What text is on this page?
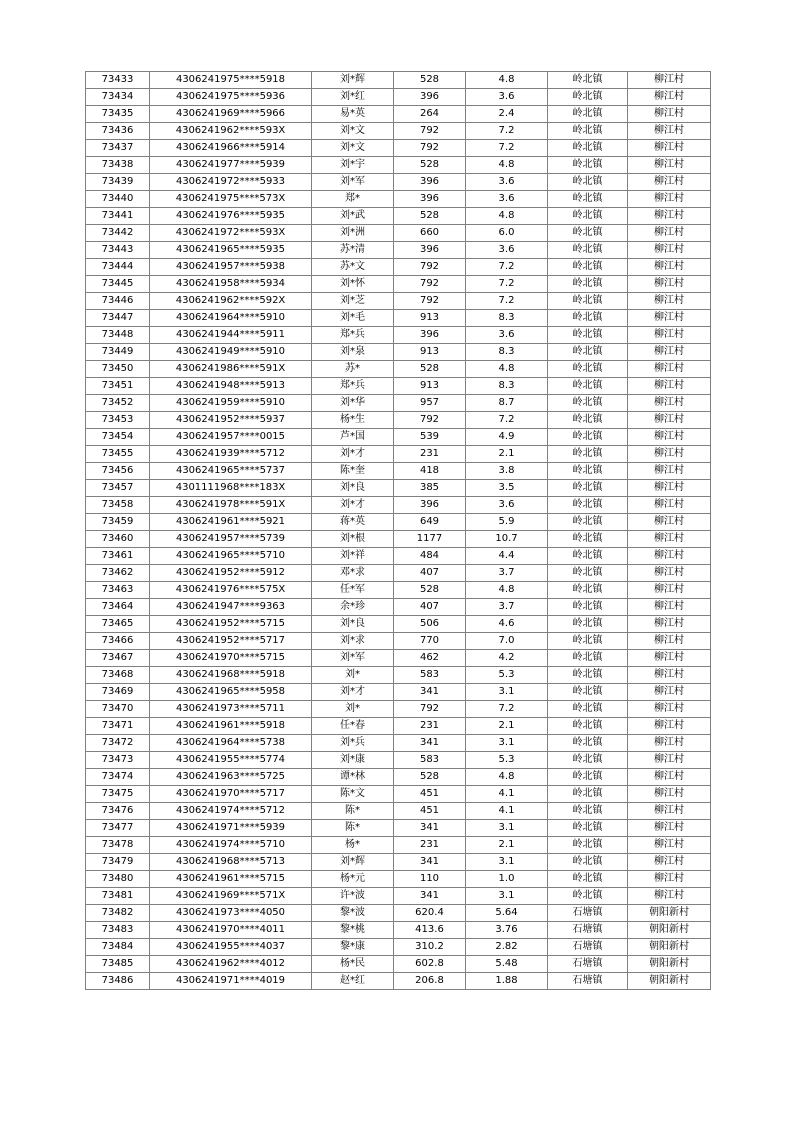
73433	4306241975****5918	刘*辉	528	4.8	岭北镇	柳江村
73434	4306241975****5936	刘*红	396	3.6	岭北镇	柳江村
73435	4306241969****5966	易*英	264	2.4	岭北镇	柳江村
73436	4306241962****593X	刘*文	792	7.2	岭北镇	柳江村
73437	4306241966****5914	刘*文	792	7.2	岭北镇	柳江村
73438	4306241977****5939	刘*宇	528	4.8	岭北镇	柳江村
73439	4306241972****5933	刘*军	396	3.6	岭北镇	柳江村
73440	4306241975****573X	郑*	396	3.6	岭北镇	柳江村
73441	4306241976****5935	刘*武	528	4.8	岭北镇	柳江村
73442	4306241972****593X	刘*洲	660	6.0	岭北镇	柳江村
73443	4306241965****5935	苏*清	396	3.6	岭北镇	柳江村
73444	4306241957****5938	苏*文	792	7.2	岭北镇	柳江村
73445	4306241958****5934	刘*怀	792	7.2	岭北镇	柳江村
73446	4306241962****592X	刘*芝	792	7.2	岭北镇	柳江村
73447	4306241964****5910	刘*毛	913	8.3	岭北镇	柳江村
73448	4306241944****5911	郑*兵	396	3.6	岭北镇	柳江村
73449	4306241949****5910	刘*泉	913	8.3	岭北镇	柳江村
73450	4306241986****591X	苏*	528	4.8	岭北镇	柳江村
73451	4306241948****5913	郑*兵	913	8.3	岭北镇	柳江村
73452	4306241959****5910	刘*华	957	8.7	岭北镇	柳江村
73453	4306241952****5937	杨*生	792	7.2	岭北镇	柳江村
73454	4306241957****0015	芦*国	539	4.9	岭北镇	柳江村
73455	4306241939****5712	刘*才	231	2.1	岭北镇	柳江村
73456	4306241965****5737	陈*奎	418	3.8	岭北镇	柳江村
73457	4301111968****183X	刘*良	385	3.5	岭北镇	柳江村
73458	4306241978****591X	刘*才	396	3.6	岭北镇	柳江村
73459	4306241961****5921	蒋*英	649	5.9	岭北镇	柳江村
73460	4306241957****5739	刘*根	1177	10.7	岭北镇	柳江村
73461	4306241965****5710	刘*祥	484	4.4	岭北镇	柳江村
73462	4306241952****5912	邓*求	407	3.7	岭北镇	柳江村
73463	4306241976****575X	任*军	528	4.8	岭北镇	柳江村
73464	4306241947****9363	余*珍	407	3.7	岭北镇	柳江村
73465	4306241952****5715	刘*良	506	4.6	岭北镇	柳江村
73466	4306241952****5717	刘*求	770	7.0	岭北镇	柳江村
73467	4306241970****5715	刘*军	462	4.2	岭北镇	柳江村
73468	4306241968****5918	刘*	583	5.3	岭北镇	柳江村
73469	4306241965****5958	刘*才	341	3.1	岭北镇	柳江村
73470	4306241973****5711	刘*	792	7.2	岭北镇	柳江村
73471	4306241961****5918	任*春	231	2.1	岭北镇	柳江村
73472	4306241964****5738	刘*兵	341	3.1	岭北镇	柳江村
73473	4306241955****5774	刘*康	583	5.3	岭北镇	柳江村
73474	4306241963****5725	谭*林	528	4.8	岭北镇	柳江村
73475	4306241970****5717	陈*文	451	4.1	岭北镇	柳江村
73476	4306241974****5712	陈*	451	4.1	岭北镇	柳江村
73477	4306241971****5939	陈*	341	3.1	岭北镇	柳江村
73478	4306241974****5710	杨*	231	2.1	岭北镇	柳江村
73479	4306241968****5713	刘*辉	341	3.1	岭北镇	柳江村
73480	4306241961****5715	杨*元	110	1.0	岭北镇	柳江村
73481	4306241969****571X	许*波	341	3.1	岭北镇	柳江村
73482	4306241973****4050	黎*波	620.4	5.64	石塘镇	朝阳新村
73483	4306241970****4011	黎*桃	413.6	3.76	石塘镇	朝阳新村
73484	4306241955****4037	黎*康	310.2	2.82	石塘镇	朝阳新村
73485	4306241962****4012	杨*民	602.8	5.48	石塘镇	朝阳新村
73486	4306241971****4019	赵*红	206.8	1.88	石塘镇	朝阳新村
